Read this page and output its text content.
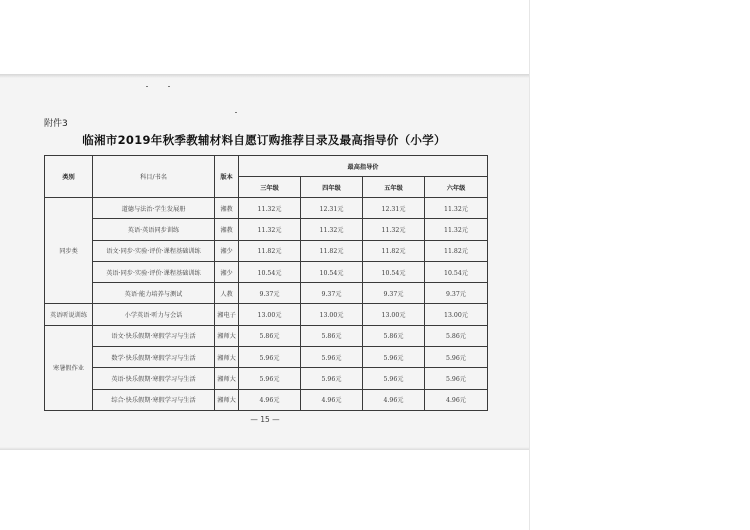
附件3
临湘市2019年秋季教辅材料自愿订购推荐目录及最高指导价（小学）
类别	科目/书名	版本	最高指导价			
			三年级	四年级	五年级	六年级
同步类	道德与法治·学生发展册	湘教	11.32元	12.31元	12.31元	11.32元
	英语·英语同步训练	湘教	11.32元	11.32元	11.32元	11.32元
	语文·同步·实验·评价·课程基础训练	湘少	11.82元	11.82元	11.82元	11.82元
	英语·同步·实验·评价·课程基础训练	湘少	10.54元	10.54元	10.54元	10.54元
	英语·能力培养与测试	人教	9.37元	9.37元	9.37元	9.37元
英语听说训练	小学英语·听力与会话	湘电子	13.00元	13.00元	13.00元	13.00元
寒暑假作业	语文·快乐假期·寒假学习与生活	湘师大	5.86元	5.86元	5.86元	5.86元
	数学·快乐假期·寒假学习与生活	湘师大	5.96元	5.96元	5.96元	5.96元
	英语·快乐假期·寒假学习与生活	湘师大	5.96元	5.96元	5.96元	5.96元
	综合·快乐假期·寒假学习与生活	湘师大	4.96元	4.96元	4.96元	4.96元
— 15 —
